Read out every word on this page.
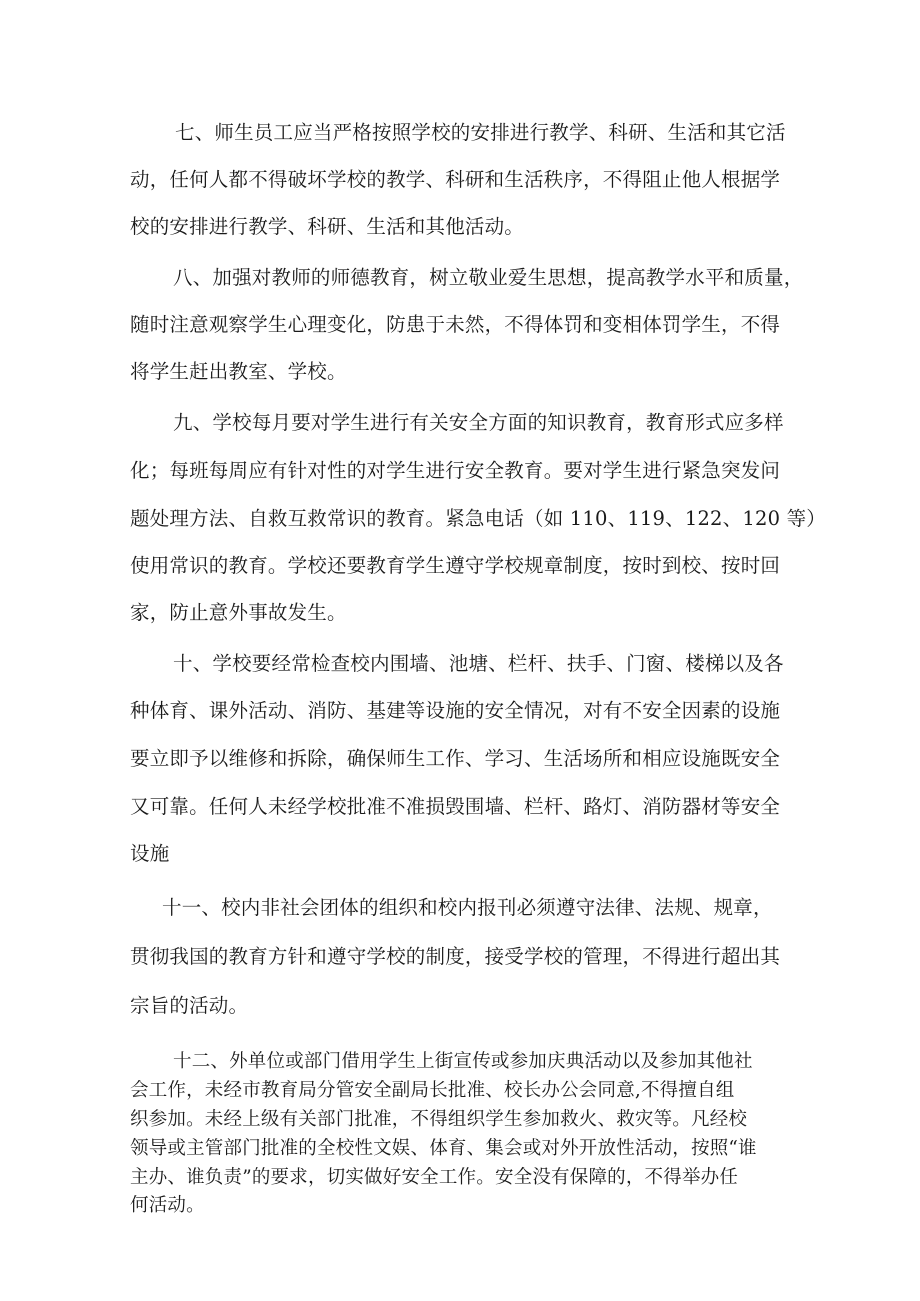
七、师生员工应当严格按照学校的安排进行教学、科研、生活和其它活
动，任何人都不得破坏学校的教学、科研和生活秩序，不得阻止他人根据学
校的安排进行教学、科研、生活和其他活动。
八、加强对教师的师德教育，树立敬业爱生思想，提高教学水平和质量，
随时注意观察学生心理变化，防患于未然，不得体罚和变相体罚学生，不得
将学生赶出教室、学校。
九、学校每月要对学生进行有关安全方面的知识教育，教育形式应多样
化；每班每周应有针对性的对学生进行安全教育。要对学生进行紧急突发问
题处理方法、自救互救常识的教育。紧急电话（如 110、119、122、120 等）
使用常识的教育。学校还要教育学生遵守学校规章制度，按时到校、按时回
家，防止意外事故发生。
十、学校要经常检查校内围墙、池塘、栏杆、扶手、门窗、楼梯以及各
种体育、课外活动、消防、基建等设施的安全情况，对有不安全因素的设施
要立即予以维修和拆除，确保师生工作、学习、生活场所和相应设施既安全
又可靠。任何人未经学校批准不准损毁围墙、栏杆、路灯、消防器材等安全
设施
十一、校内非社会团体的组织和校内报刊必须遵守法律、法规、规章，
贯彻我国的教育方针和遵守学校的制度，接受学校的管理，不得进行超出其
宗旨的活动。
十二、外单位或部门借用学生上街宣传或参加庆典活动以及参加其他社
会工作，未经市教育局分管安全副局长批准、校长办公会同意,不得擅自组
织参加。未经上级有关部门批准，不得组织学生参加救火、救灾等。凡经校
领导或主管部门批准的全校性文娱、体育、集会或对外开放性活动，按照“谁
主办、谁负责”的要求，切实做好安全工作。安全没有保障的，不得举办任
何活动。
